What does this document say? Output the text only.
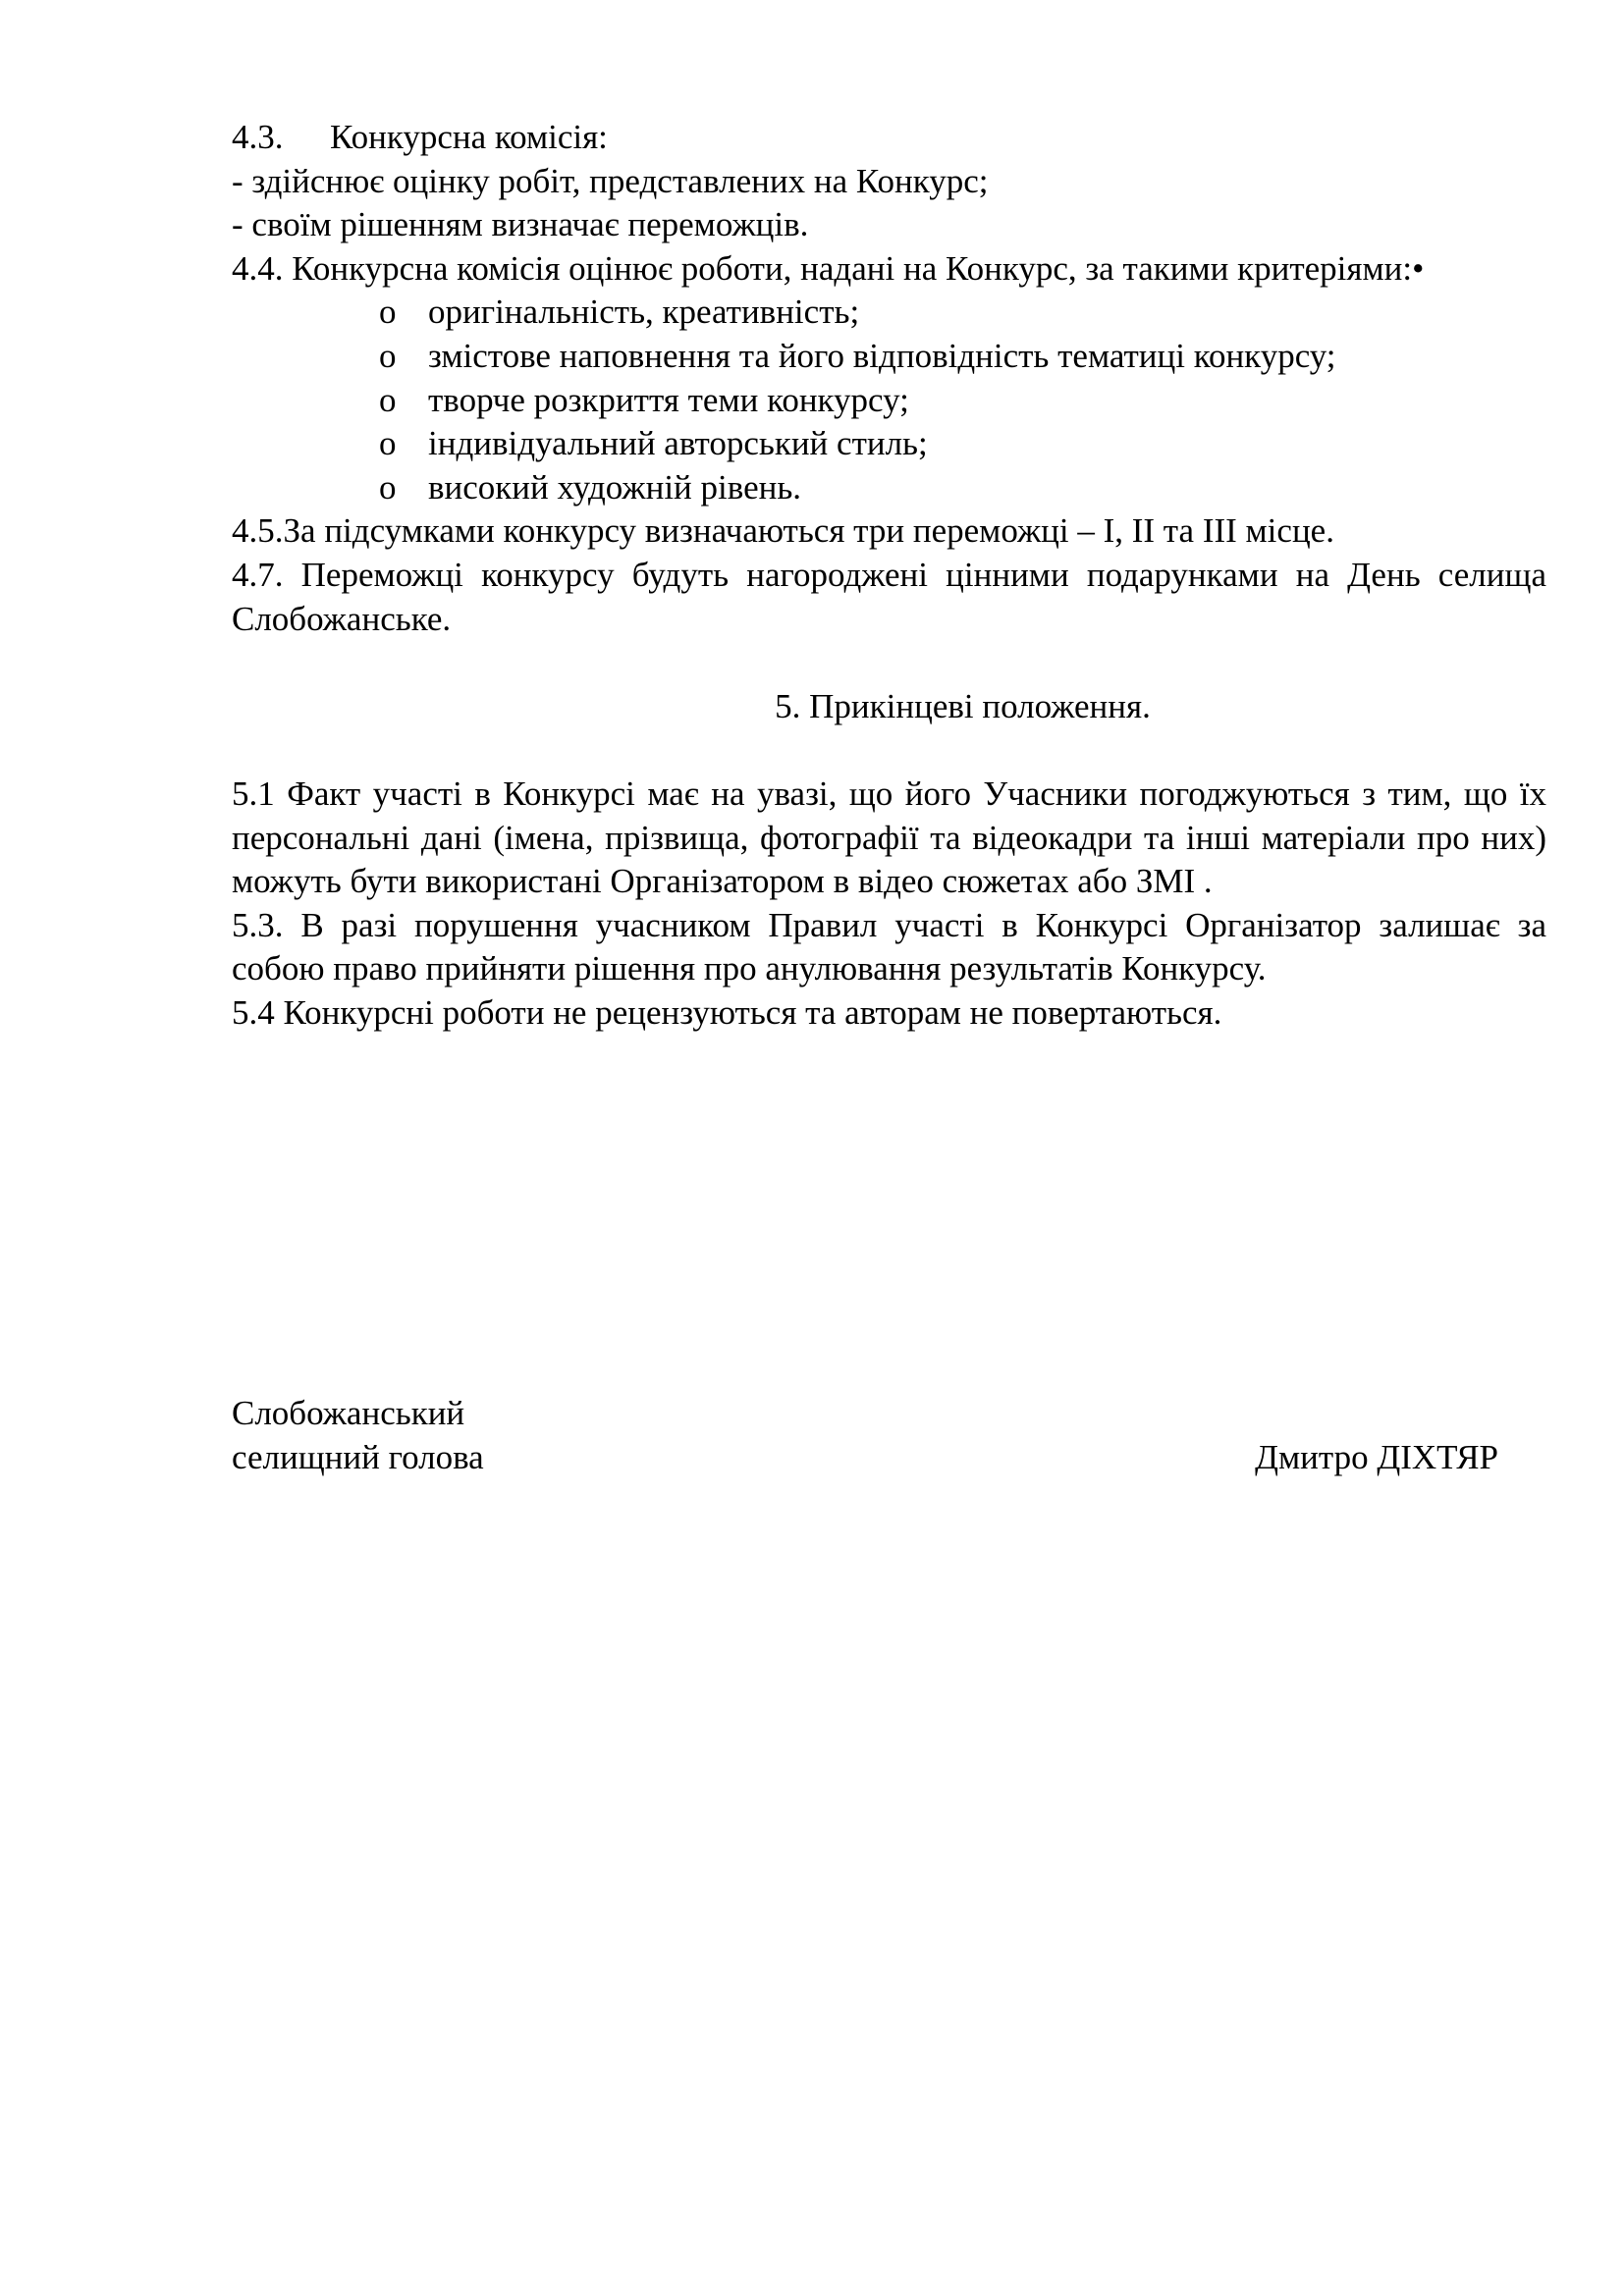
4.3. Конкурсна комісія:

- здійснює оцінку робіт, представлених на Конкурс;

- своїм рішенням визначає переможців.

4.4. Конкурсна комісія оцінює роботи, надані на Конкурс, за такими критеріями:•

o оригінальність, креативність;
o змістове наповнення та його відповідність тематиці конкурсу;
o творче розкриття теми конкурсу;
o індивідуальний авторський стиль;
o високий художній рівень.

4.5.За підсумками конкурсу визначаються три переможці – I, II та III місце.

4.7. Переможці конкурсу будуть нагороджені цінними подарунками на День селища Слобожанське.

5. Прикінцеві положення.

5.1 Факт участі в Конкурсі має на увазі, що його Учасники погоджуються з тим, що їх персональні дані (імена, прізвища, фотографії та відеокадри та інші матеріали про них) можуть бути використані Організатором в відео сюжетах або ЗМІ .

5.3. В разі порушення учасником Правил участі в Конкурсі Організатор залишає за собою право прийняти рішення про анулювання результатів Конкурсу.

5.4 Конкурсні роботи не рецензуються та авторам не повертаються.

Слобожанський
селищний голова	Дмитро ДІХТЯР
